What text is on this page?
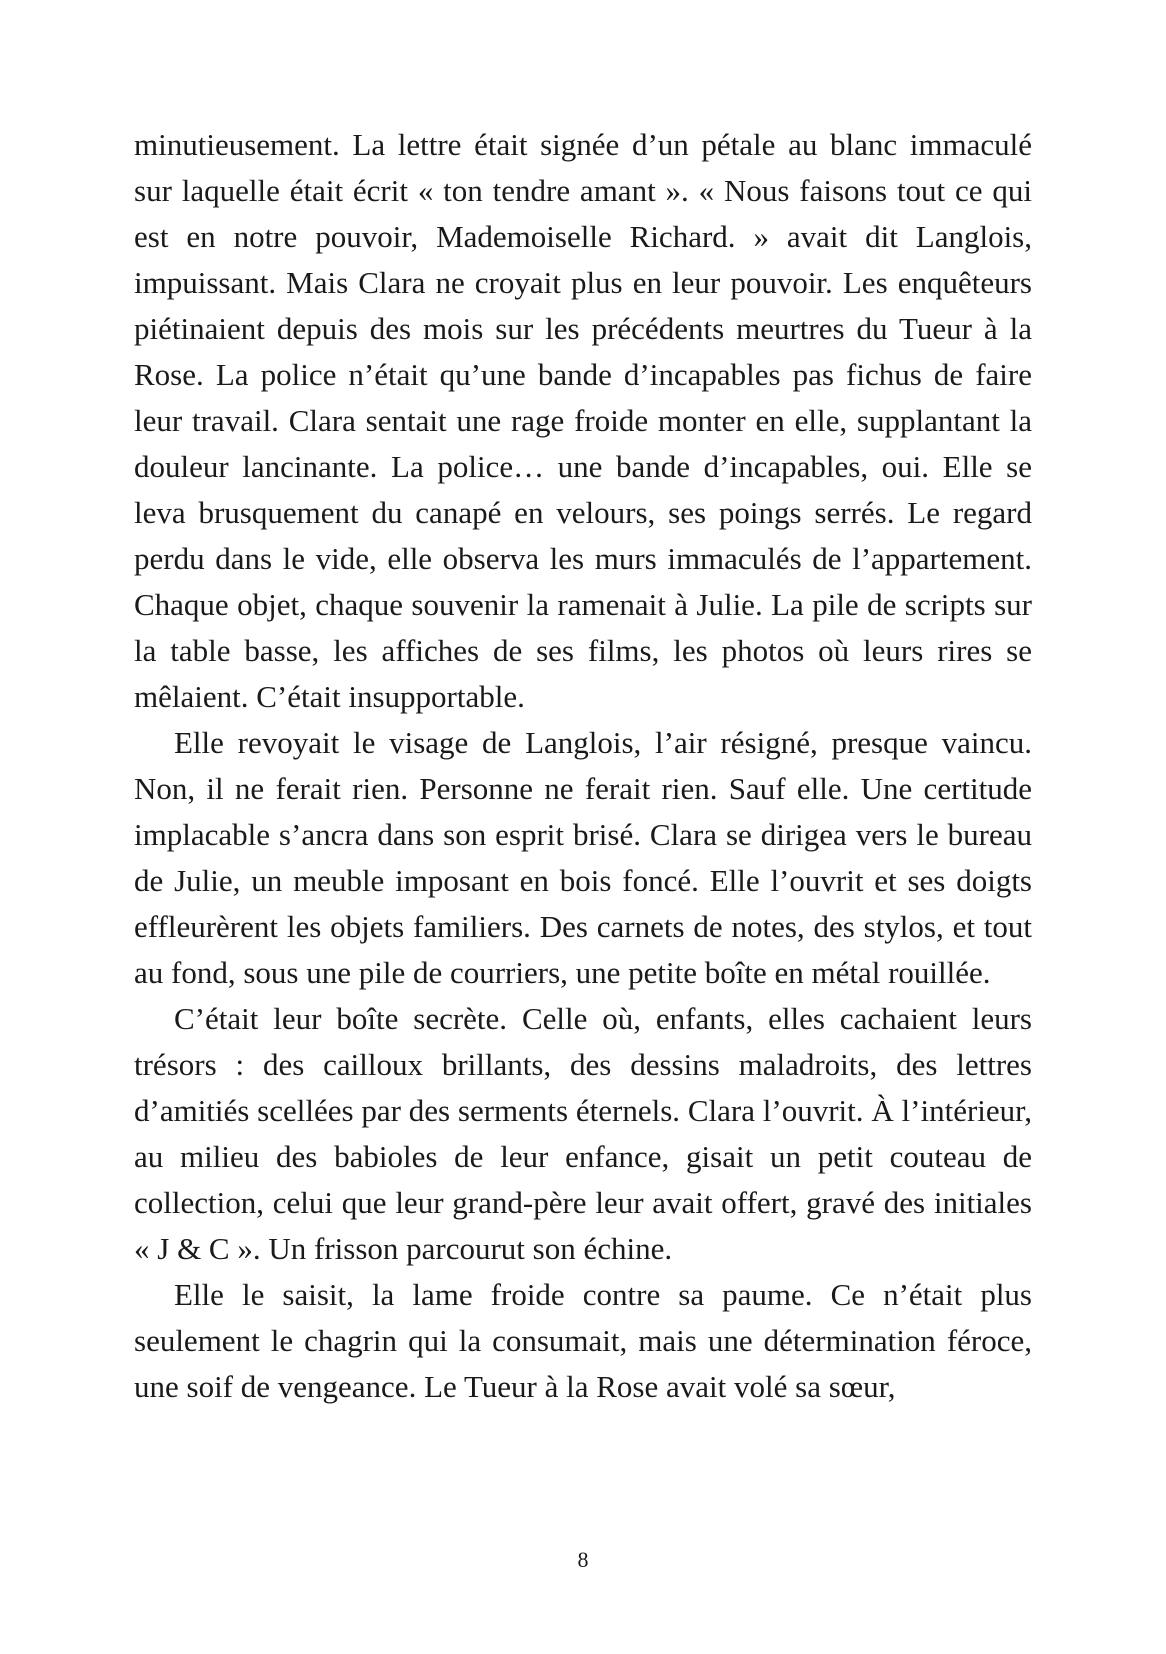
minutieusement. La lettre était signée d’un pétale au blanc immaculé sur laquelle était écrit « ton tendre amant ». « Nous faisons tout ce qui est en notre pouvoir, Mademoiselle Richard. » avait dit Langlois, impuissant. Mais Clara ne croyait plus en leur pouvoir. Les enquêteurs piétinaient depuis des mois sur les précédents meurtres du Tueur à la Rose. La police n’était qu’une bande d’incapables pas fichus de faire leur travail. Clara sentait une rage froide monter en elle, supplantant la douleur lancinante. La police… une bande d’incapables, oui. Elle se leva brusquement du canapé en velours, ses poings serrés. Le regard perdu dans le vide, elle observa les murs immaculés de l’appartement. Chaque objet, chaque souvenir la ramenait à Julie. La pile de scripts sur la table basse, les affiches de ses films, les photos où leurs rires se mêlaient. C’était insupportable.

Elle revoyait le visage de Langlois, l’air résigné, presque vaincu. Non, il ne ferait rien. Personne ne ferait rien. Sauf elle. Une certitude implacable s’ancra dans son esprit brisé. Clara se dirigea vers le bureau de Julie, un meuble imposant en bois foncé. Elle l’ouvrit et ses doigts effleurèrent les objets familiers. Des carnets de notes, des stylos, et tout au fond, sous une pile de courriers, une petite boîte en métal rouillée.

C’était leur boîte secrète. Celle où, enfants, elles cachaient leurs trésors : des cailloux brillants, des dessins maladroits, des lettres d’amitiés scellées par des serments éternels. Clara l’ouvrit. À l’intérieur, au milieu des babioles de leur enfance, gisait un petit couteau de collection, celui que leur grand-père leur avait offert, gravé des initiales « J & C ». Un frisson parcourut son échine.

Elle le saisit, la lame froide contre sa paume. Ce n’était plus seulement le chagrin qui la consumait, mais une détermination féroce, une soif de vengeance. Le Tueur à la Rose avait volé sa sœur,

8
